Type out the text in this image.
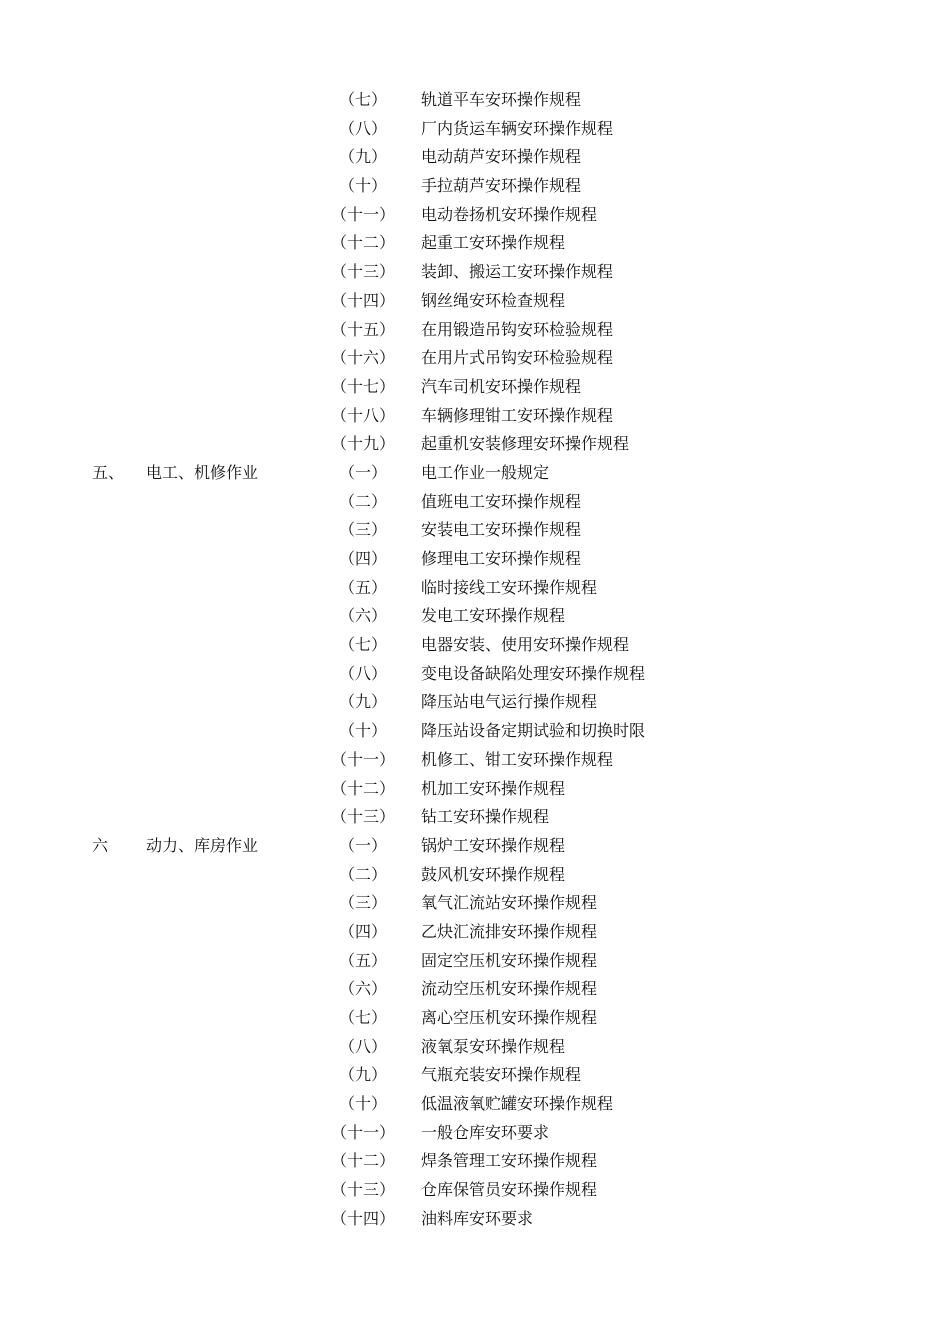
（七）	轨道平车安环操作规程
（八）	厂内货运车辆安环操作规程
（九）	电动葫芦安环操作规程
（十）	手拉葫芦安环操作规程
（十一） 电动卷扬机安环操作规程
（十二） 起重工安环操作规程
（十三） 装卸、搬运工安环操作规程
（十四） 钢丝绳安环检查规程
（十五） 在用锻造吊钩安环检验规程
（十六） 在用片式吊钩安环检验规程
（十七） 汽车司机安环操作规程
（十八） 车辆修理钳工安环操作规程
（十九） 起重机安装修理安环操作规程
五、 电工、机修作业	（一）	电工作业一般规定
（二）	值班电工安环操作规程
（三）	安装电工安环操作规程
（四）	修理电工安环操作规程
（五）	临时接线工安环操作规程
（六）	发电工安环操作规程
（七）	电器安装、使用安环操作规程
（八）	变电设备缺陷处理安环操作规程
（九）	降压站电气运行操作规程
（十）	降压站设备定期试验和切换时限
（十一） 机修工、钳工安环操作规程
（十二） 机加工安环操作规程
（十三） 钻工安环操作规程
六 动力、库房作业	（一）	锅炉工安环操作规程
（二）	鼓风机安环操作规程
（三）	氧气汇流站安环操作规程
（四）	乙炔汇流排安环操作规程
（五）	固定空压机安环操作规程
（六）	流动空压机安环操作规程
（七）	离心空压机安环操作规程
（八）	液氧泵安环操作规程
（九）	气瓶充装安环操作规程
（十）	低温液氧贮罐安环操作规程
（十一） 一般仓库安环要求
（十二） 焊条管理工安环操作规程
（十三） 仓库保管员安环操作规程
（十四） 油料库安环要求
